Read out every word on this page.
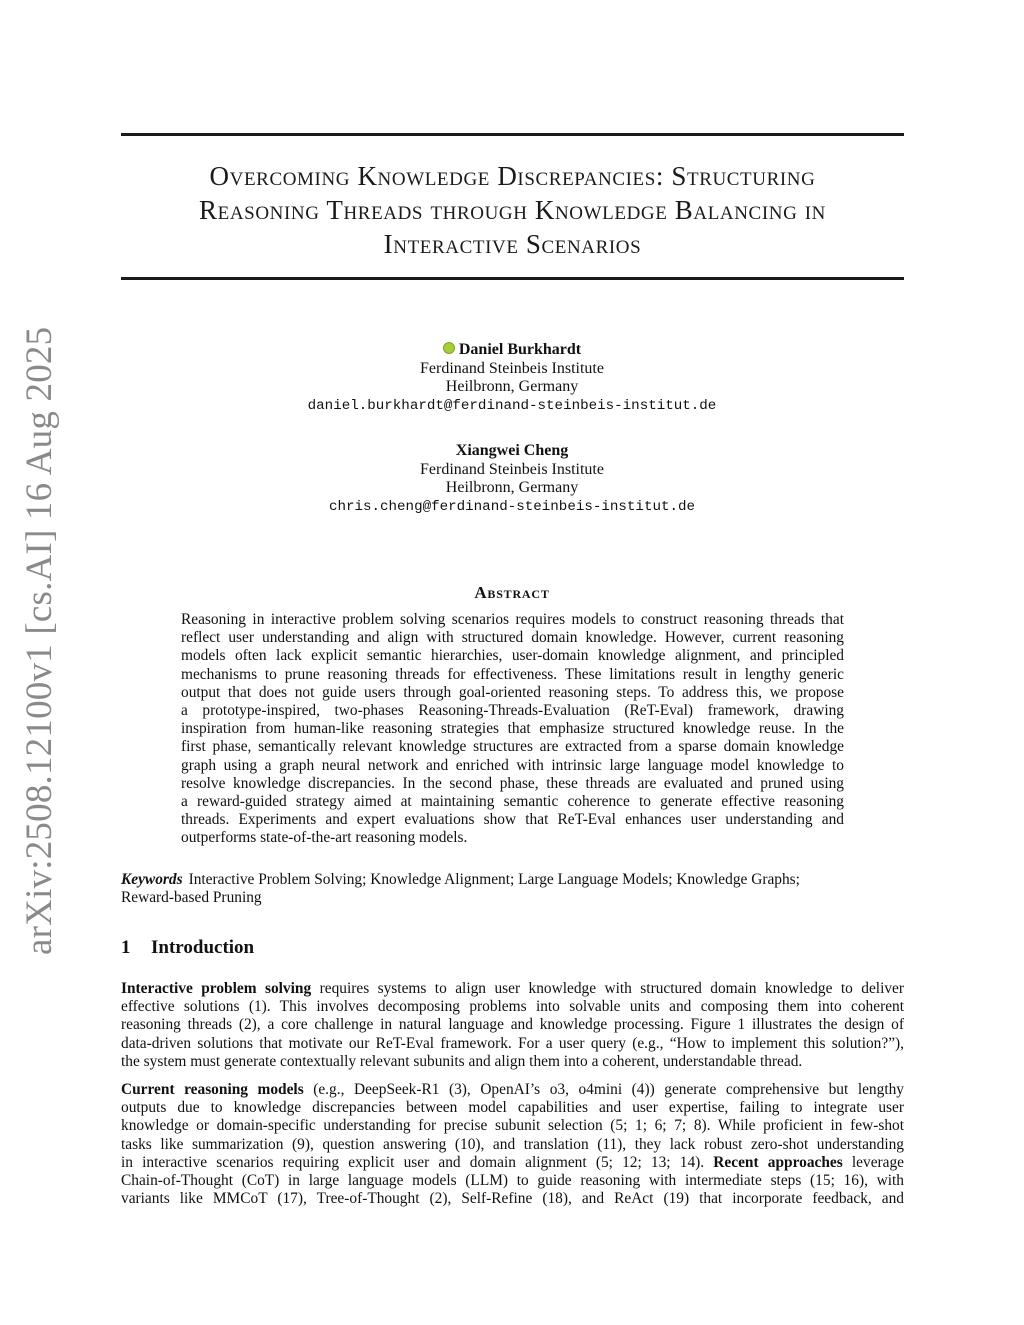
arXiv:2508.12100v1 [cs.AI] 16 Aug 2025
Overcoming Knowledge Discrepancies: Structuring
Reasoning Threads through Knowledge Balancing in
Interactive Scenarios
Daniel Burkhardt
Ferdinand Steinbeis Institute
Heilbronn, Germany
daniel.burkhardt@ferdinand-steinbeis-institut.de
Xiangwei Cheng
Ferdinand Steinbeis Institute
Heilbronn, Germany
chris.cheng@ferdinand-steinbeis-institut.de
Abstract
Reasoning in interactive problem solving scenarios requires models to construct reasoning threads that
reflect user understanding and align with structured domain knowledge. However, current reasoning
models often lack explicit semantic hierarchies, user-domain knowledge alignment, and principled
mechanisms to prune reasoning threads for effectiveness. These limitations result in lengthy generic
output that does not guide users through goal-oriented reasoning steps. To address this, we propose
a prototype-inspired, two-phases Reasoning-Threads-Evaluation (ReT-Eval) framework, drawing
inspiration from human-like reasoning strategies that emphasize structured knowledge reuse. In the
first phase, semantically relevant knowledge structures are extracted from a sparse domain knowledge
graph using a graph neural network and enriched with intrinsic large language model knowledge to
resolve knowledge discrepancies. In the second phase, these threads are evaluated and pruned using
a reward-guided strategy aimed at maintaining semantic coherence to generate effective reasoning
threads. Experiments and expert evaluations show that ReT-Eval enhances user understanding and
outperforms state-of-the-art reasoning models.
Keywords Interactive Problem Solving; Knowledge Alignment; Large Language Models; Knowledge Graphs;
Reward-based Pruning
1 Introduction
Interactive problem solving requires systems to align user knowledge with structured domain knowledge to deliver
effective solutions (1). This involves decomposing problems into solvable units and composing them into coherent
reasoning threads (2), a core challenge in natural language and knowledge processing. Figure 1 illustrates the design of
data-driven solutions that motivate our ReT-Eval framework. For a user query (e.g., “How to implement this solution?”),
the system must generate contextually relevant subunits and align them into a coherent, understandable thread.
Current reasoning models (e.g., DeepSeek-R1 (3), OpenAI’s o3, o4mini (4)) generate comprehensive but lengthy
outputs due to knowledge discrepancies between model capabilities and user expertise, failing to integrate user
knowledge or domain-specific understanding for precise subunit selection (5; 1; 6; 7; 8). While proficient in few-shot
tasks like summarization (9), question answering (10), and translation (11), they lack robust zero-shot understanding
in interactive scenarios requiring explicit user and domain alignment (5; 12; 13; 14). Recent approaches leverage
Chain-of-Thought (CoT) in large language models (LLM) to guide reasoning with intermediate steps (15; 16), with
variants like MMCoT (17), Tree-of-Thought (2), Self-Refine (18), and ReAct (19) that incorporate feedback, and
